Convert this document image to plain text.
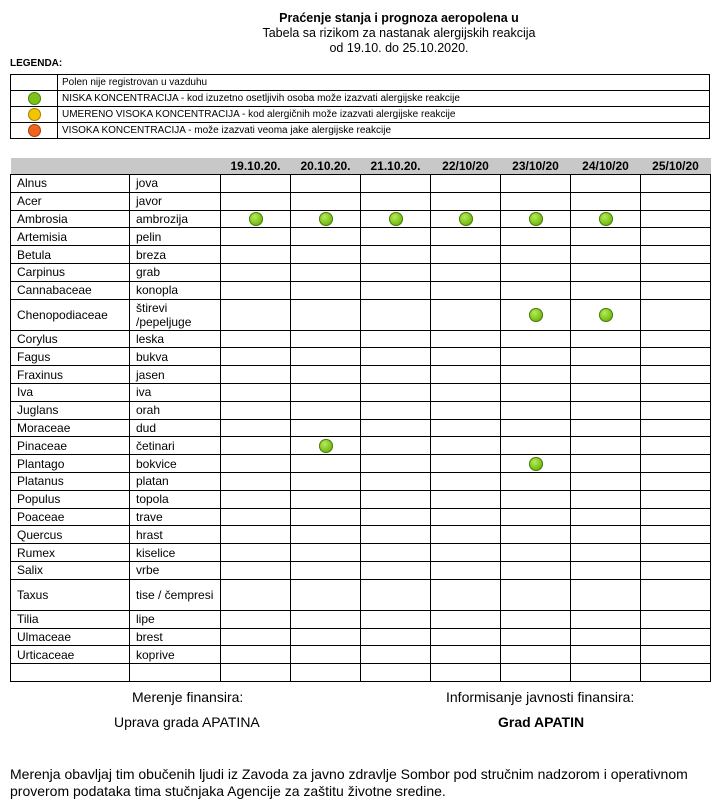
Praćenje stanja i prognoza aeropolena u
Tabela sa rizikom za nastanak alergijskih reakcija
od 19.10. do 25.10.2020.
LEGENDA:
	Polen nije registrovan u vazduhu
	NISKA KONCENTRACIJA - kod izuzetno osetljivih osoba može izazvati alergijske reakcije
	UMERENO VISOKA KONCENTRACIJA - kod alergičnih može izazvati alergijske reakcije
	VISOKA KONCENTRACIJA - može izazvati veoma jake alergijske reakcije
		19.10.20.	20.10.20.	21.10.20.	22/10/20	23/10/20	24/10/20	25/10/20
Alnus	jova							
Acer	javor							
Ambrosia	ambrozija							
Artemisia	pelin							
Betula	breza							
Carpinus	grab							
Cannabaceae	konopla							
Chenopodiaceae	štirevi /pepeljuge							
Corylus	leska							
Fagus	bukva							
Fraxinus	jasen							
Iva	iva							
Juglans	orah							
Moraceae	dud							
Pinaceae	četinari							
Plantago	bokvice							
Platanus	platan							
Populus	topola							
Poaceae	trave							
Quercus	hrast							
Rumex	kiselice							
Salix	vrbe							
Taxus	tise / čempresi							
Tilia	lipe							
Ulmaceae	brest							
Urticaceae	koprive							

Merenje finansira:
Uprava grada APATINA
Informisanje javnosti finansira:
Grad APATIN
Merenja obavljaj tim obučenih ljudi iz Zavoda za javno zdravlje Sombor pod stručnim nadzorom i operativnom proverom podataka tima stučnjaka Agencije za zaštitu životne sredine.
